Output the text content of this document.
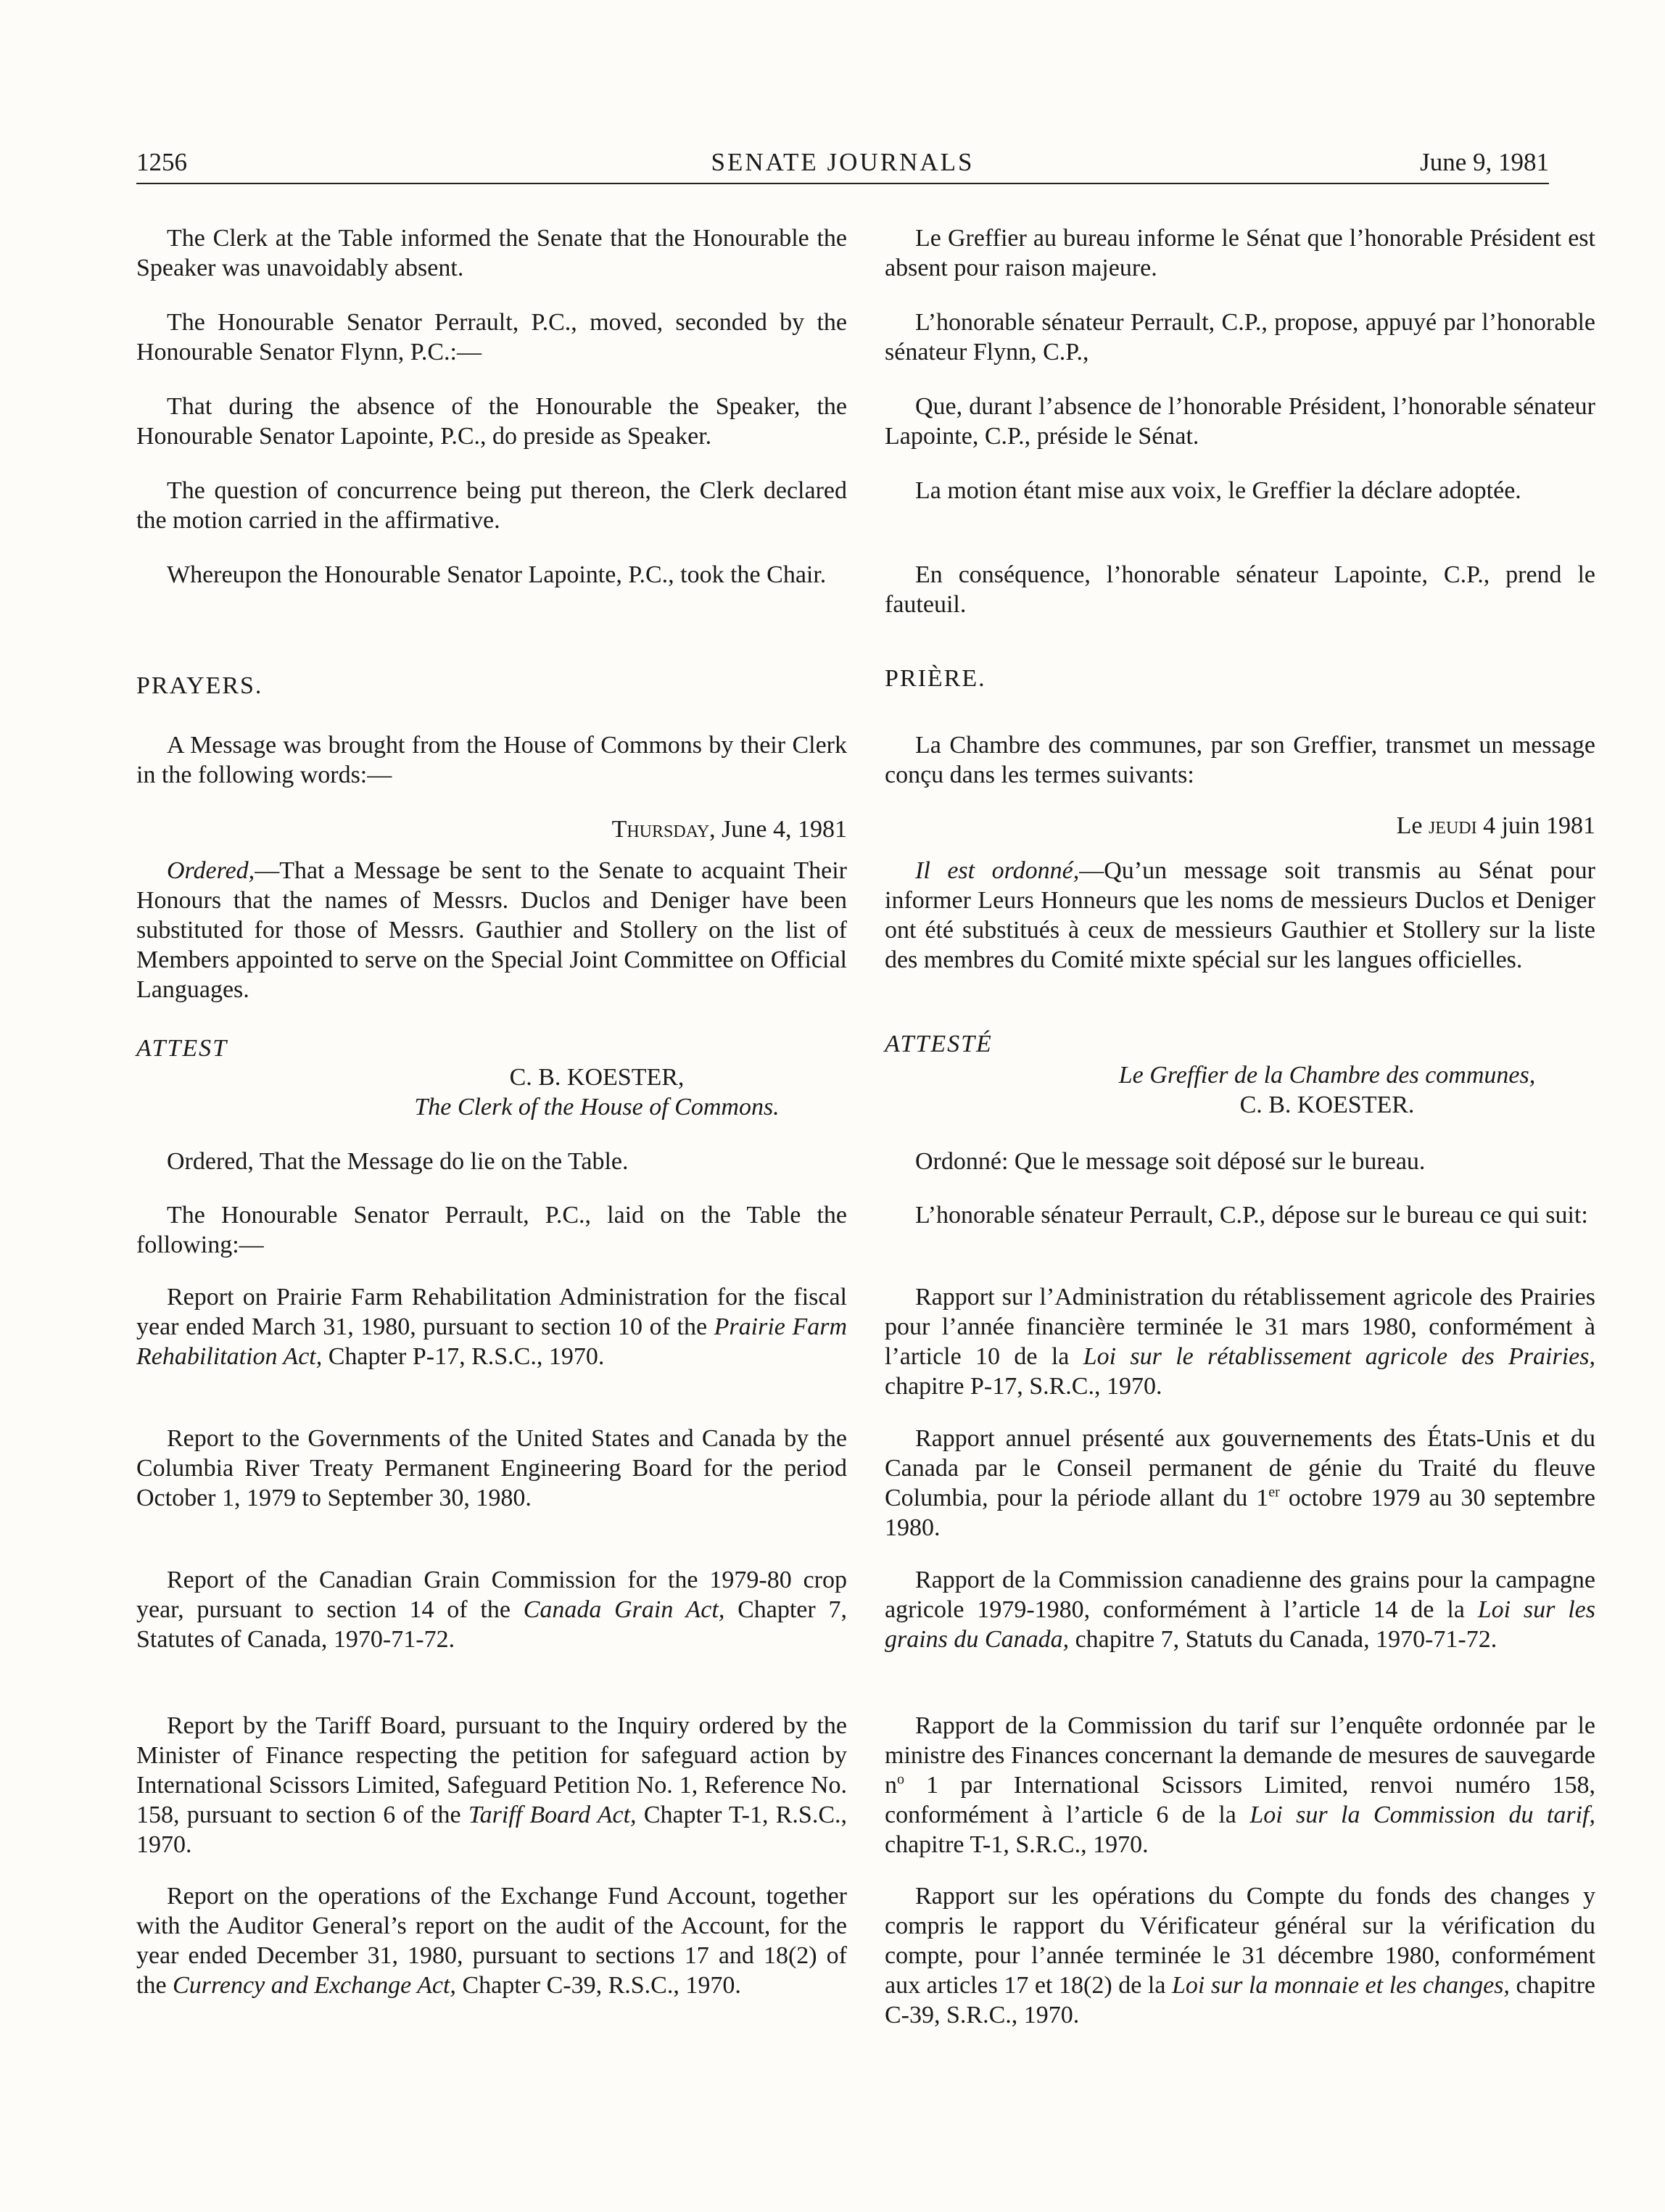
1256	SENATE JOURNALS	June 9, 1981

The Clerk at the Table informed the Senate that the Honourable the Speaker was unavoidably absent.

The Honourable Senator Perrault, P.C., moved, seconded by the Honourable Senator Flynn, P.C.:—

That during the absence of the Honourable the Speaker, the Honourable Senator Lapointe, P.C., do preside as Speaker.

The question of concurrence being put thereon, the Clerk declared the motion carried in the affirmative.

Whereupon the Honourable Senator Lapointe, P.C., took the Chair.

PRAYERS.

A Message was brought from the House of Commons by their Clerk in the following words:—

Thursday, June 4, 1981

Ordered,—That a Message be sent to the Senate to acquaint Their Honours that the names of Messrs. Duclos and Deniger have been substituted for those of Messrs. Gauthier and Stollery on the list of Members appointed to serve on the Special Joint Committee on Official Languages.

ATTEST

C. B. KOESTER,

The Clerk of the House of Commons.

Ordered, That the Message do lie on the Table.

The Honourable Senator Perrault, P.C., laid on the Table the following:—

Report on Prairie Farm Rehabilitation Administration for the fiscal year ended March 31, 1980, pursuant to section 10 of the Prairie Farm Rehabilitation Act, Chapter P-17, R.S.C., 1970.

Report to the Governments of the United States and Canada by the Columbia River Treaty Permanent Engineering Board for the period October 1, 1979 to September 30, 1980.

Report of the Canadian Grain Commission for the 1979-80 crop year, pursuant to section 14 of the Canada Grain Act, Chapter 7, Statutes of Canada, 1970-71-72.

Report by the Tariff Board, pursuant to the Inquiry ordered by the Minister of Finance respecting the petition for safeguard action by International Scissors Limited, Safeguard Petition No. 1, Reference No. 158, pursuant to section 6 of the Tariff Board Act, Chapter T-1, R.S.C., 1970.

Report on the operations of the Exchange Fund Account, together with the Auditor General’s report on the audit of the Account, for the year ended December 31, 1980, pursuant to sections 17 and 18(2) of the Currency and Exchange Act, Chapter C-39, R.S.C., 1970.

Le Greffier au bureau informe le Sénat que l’honorable Président est absent pour raison majeure.

L’honorable sénateur Perrault, C.P., propose, appuyé par l’honorable sénateur Flynn, C.P.,

Que, durant l’absence de l’honorable Président, l’honorable sénateur Lapointe, C.P., préside le Sénat.

La motion étant mise aux voix, le Greffier la déclare adoptée.

En conséquence, l’honorable sénateur Lapointe, C.P., prend le fauteuil.

PRIÈRE.

La Chambre des communes, par son Greffier, transmet un message conçu dans les termes suivants:

Le jeudi 4 juin 1981

Il est ordonné,—Qu’un message soit transmis au Sénat pour informer Leurs Honneurs que les noms de messieurs Duclos et Deniger ont été substitués à ceux de messieurs Gauthier et Stollery sur la liste des membres du Comité mixte spécial sur les langues officielles.

ATTESTÉ

Le Greffier de la Chambre des communes,

C. B. KOESTER.

Ordonné: Que le message soit déposé sur le bureau.

L’honorable sénateur Perrault, C.P., dépose sur le bureau ce qui suit:

Rapport sur l’Administration du rétablissement agricole des Prairies pour l’année financière terminée le 31 mars 1980, conformément à l’article 10 de la Loi sur le rétablissement agricole des Prairies, chapitre P-17, S.R.C., 1970.

Rapport annuel présenté aux gouvernements des États-Unis et du Canada par le Conseil permanent de génie du Traité du fleuve Columbia, pour la période allant du 1er octobre 1979 au 30 septembre 1980.

Rapport de la Commission canadienne des grains pour la campagne agricole 1979-1980, conformément à l’article 14 de la Loi sur les grains du Canada, chapitre 7, Statuts du Canada, 1970-71-72.

Rapport de la Commission du tarif sur l’enquête ordonnée par le ministre des Finances concernant la demande de mesures de sauvegarde $n^o$ 1 par International Scissors Limited, renvoi numéro 158, conformément à l’article 6 de la Loi sur la Commission du tarif, chapitre T-1, S.R.C., 1970.

Rapport sur les opérations du Compte du fonds des changes y compris le rapport du Vérificateur général sur la vérification du compte, pour l’année terminée le 31 décembre 1980, conformément aux articles 17 et 18(2) de la Loi sur la monnaie et les changes, chapitre C-39, S.R.C., 1970.
